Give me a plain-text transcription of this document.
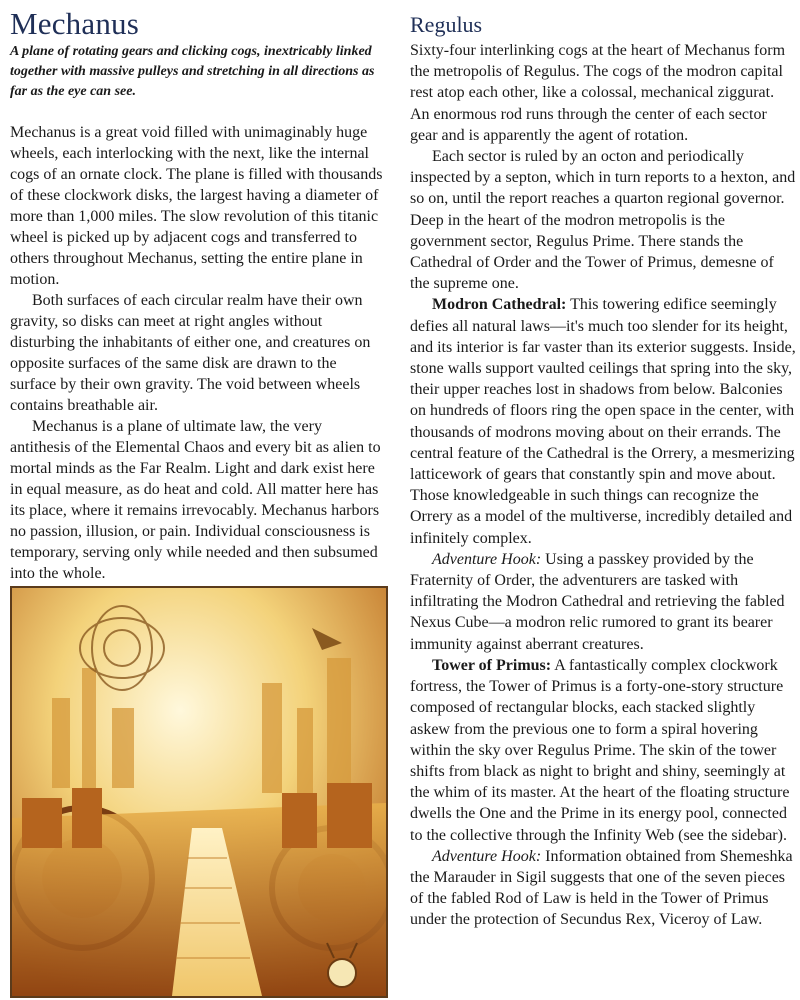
Mechanus
A plane of rotating gears and clicking cogs, inextricably linked together with massive pulleys and stretching in all directions as far as the eye can see.

Mechanus is a great void filled with unimaginably huge wheels, each interlocking with the next, like the internal cogs of an ornate clock. The plane is filled with thousands of these clockwork disks, the largest having a diameter of more than 1,000 miles. The slow revolution of this titanic wheel is picked up by adjacent cogs and transferred to others throughout Mechanus, setting the entire plane in motion.

Both surfaces of each circular realm have their own gravity, so disks can meet at right angles without disturbing the inhabitants of either one, and creatures on opposite surfaces of the same disk are drawn to the surface by their own gravity. The void between wheels contains breathable air.

Mechanus is a plane of ultimate law, the very antithesis of the Elemental Chaos and every bit as alien to mortal minds as the Far Realm. Light and dark exist here in equal measure, as do heat and cold. All matter here has its place, where it remains irrevocably. Mechanus harbors no passion, illusion, or pain. Individual consciousness is temporary, serving only while needed and then subsumed into the whole.

Regulus

Sixty-four interlinking cogs at the heart of Mechanus form the metropolis of Regulus. The cogs of the modron capital rest atop each other, like a colossal, mechanical ziggurat. An enormous rod runs through the center of each sector gear and is apparently the agent of rotation.

Each sector is ruled by an octon and periodically inspected by a septon, which in turn reports to a hexton, and so on, until the report reaches a quarton regional governor. Deep in the heart of the modron metropolis is the government sector, Regulus Prime. There stands the Cathedral of Order and the Tower of Primus, demesne of the supreme one.

Modron Cathedral: This towering edifice seemingly defies all natural laws—it's much too slender for its height, and its interior is far vaster than its exterior suggests. Inside, stone walls support vaulted ceilings that spring into the sky, their upper reaches lost in shadows from below. Balconies on hundreds of floors ring the open space in the center, with thousands of modrons moving about on their errands. The central feature of the Cathedral is the Orrery, a mesmerizing latticework of gears that constantly spin and move about. Those knowledgeable in such things can recognize the Orrery as a model of the multiverse, incredibly detailed and infinitely complex.

Adventure Hook: Using a passkey provided by the Fraternity of Order, the adventurers are tasked with infiltrating the Modron Cathedral and retrieving the fabled Nexus Cube—a modron relic rumored to grant its bearer immunity against aberrant creatures.

Tower of Primus: A fantastically complex clockwork fortress, the Tower of Primus is a forty-one-story structure composed of rectangular blocks, each stacked slightly askew from the previous one to form a spiral hovering within the sky over Regulus Prime. The skin of the tower shifts from black as night to bright and shiny, seemingly at the whim of its master. At the heart of the floating structure dwells the One and the Prime in its energy pool, connected to the collective through the Infinity Web (see the sidebar).

Adventure Hook: Information obtained from Shemeshka the Marauder in Sigil suggests that one of the seven pieces of the fabled Rod of Law is held in the Tower of Primus under the protection of Secundus Rex, Viceroy of Law.
